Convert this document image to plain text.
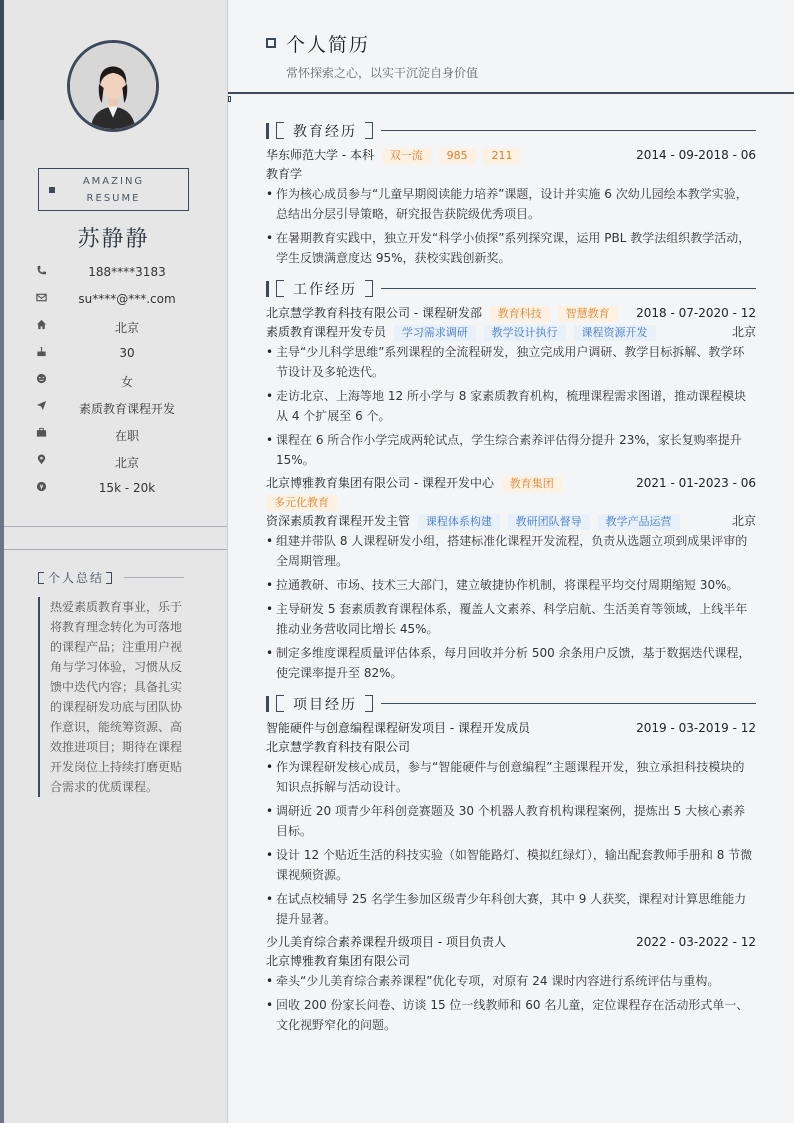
AMAZING
RESUME
苏静静
188****3183
su****@***.com
北京
30
女
素质教育课程开发
在职
北京
15k - 20k
个人总结
热爱素质教育事业，乐于将教育理念转化为可落地的课程产品；注重用户视角与学习体验，习惯从反馈中迭代内容；具备扎实的课程研发功底与团队协作意识，能统筹资源、高效推进项目；期待在课程开发岗位上持续打磨更贴合需求的优质课程。
个人简历
常怀探索之心，以实干沉淀自身价值
教育经历
华东师范大学 - 本科 双一流 985 211	2014 - 09-2018 - 06
教育学
• 作为核心成员参与“儿童早期阅读能力培养”课题，设计并实施 6 次幼儿园绘本教学实验，总结出分层引导策略，研究报告获院级优秀项目。
• 在暑期教育实践中，独立开发“科学小侦探”系列探究课，运用 PBL 教学法组织教学活动，学生反馈满意度达 95%，获校实践创新奖。
工作经历
北京慧学教育科技有限公司 - 课程研发部 教育科技 智慧教育 2018 - 07-2020 - 12
素质教育课程开发专员 学习需求调研 教学设计执行 课程资源开发	北京
• 主导“少儿科学思维”系列课程的全流程研发，独立完成用户调研、教学目标拆解、教学环节设计及多轮迭代。
• 走访北京、上海等地 12 所小学与 8 家素质教育机构，梳理课程需求图谱，推动课程模块从 4 个扩展至 6 个。
• 课程在 6 所合作小学完成两轮试点，学生综合素养评估得分提升 23%，家长复购率提升 15%。
北京博雅教育集团有限公司 - 课程开发中心 教育集团	2021 - 01-2023 - 06
多元化教育
资深素质教育课程开发主管 课程体系构建 教研团队督导 教学产品运营	北京
• 组建并带队 8 人课程研发小组，搭建标准化课程开发流程，负责从选题立项到成果评审的全周期管理。
• 拉通教研、市场、技术三大部门，建立敏捷协作机制，将课程平均交付周期缩短 30%。
• 主导研发 5 套素质教育课程体系，覆盖人文素养、科学启航、生活美育等领域，上线半年推动业务营收同比增长 45%。
• 制定多维度课程质量评估体系，每月回收并分析 500 余条用户反馈，基于数据迭代课程，使完课率提升至 82%。
项目经历
智能硬件与创意编程课程研发项目 - 课程开发成员	2019 - 03-2019 - 12
北京慧学教育科技有限公司
• 作为课程研发核心成员，参与“智能硬件与创意编程”主题课程开发，独立承担科技模块的知识点拆解与活动设计。
• 调研近 20 项青少年科创竞赛题及 30 个机器人教育机构课程案例，提炼出 5 大核心素养目标。
• 设计 12 个贴近生活的科技实验（如智能路灯、模拟红绿灯），输出配套教师手册和 8 节微课视频资源。
• 在试点校辅导 25 名学生参加区级青少年科创大赛，其中 9 人获奖，课程对计算思维能力提升显著。
少儿美育综合素养课程升级项目 - 项目负责人	2022 - 03-2022 - 12
北京博雅教育集团有限公司
• 牵头“少儿美育综合素养课程”优化专项，对原有 24 课时内容进行系统评估与重构。
• 回收 200 份家长问卷、访谈 15 位一线教师和 60 名儿童，定位课程存在活动形式单一、文化视野窄化的问题。
